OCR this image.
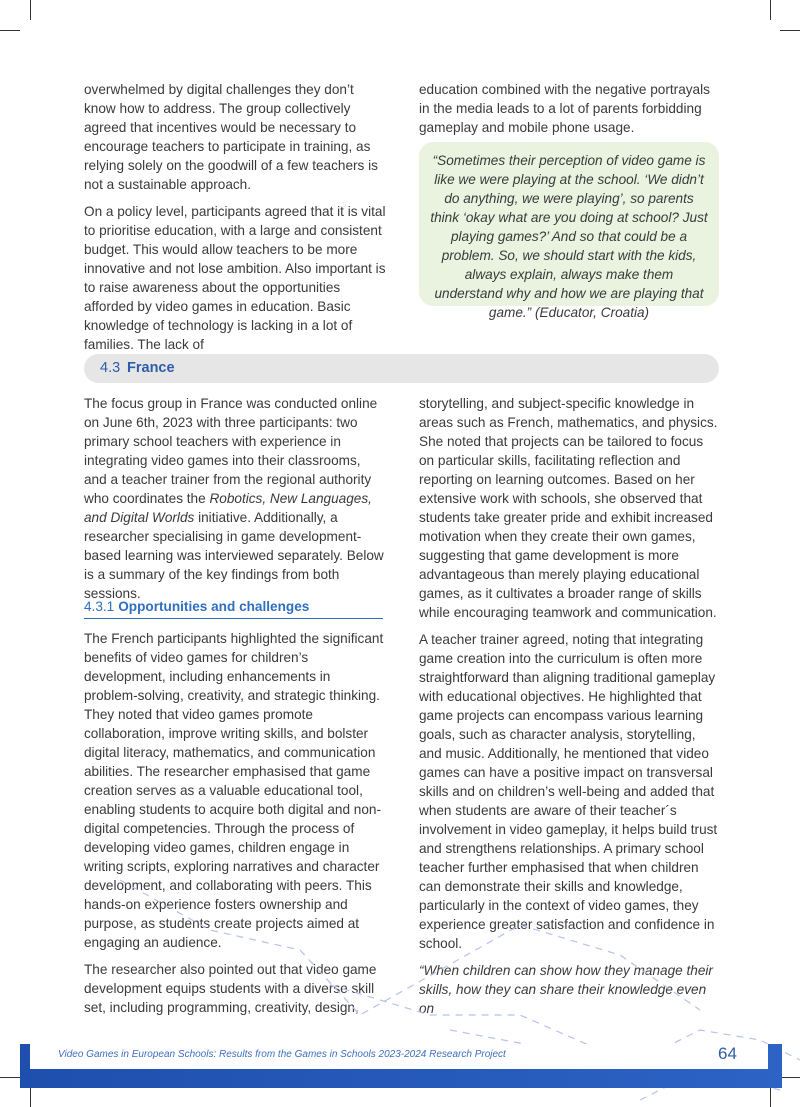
overwhelmed by digital challenges they don’t know how to address. The group collectively agreed that incentives would be necessary to encourage teachers to participate in training, as relying solely on the goodwill of a few teachers is not a sustainable approach.

On a policy level, participants agreed that it is vital to prioritise education, with a large and consistent budget. This would allow teachers to be more innovative and not lose ambition. Also important is to raise awareness about the opportunities afforded by video games in education. Basic knowledge of technology is lacking in a lot of families. The lack of

education combined with the negative portrayals in the media leads to a lot of parents forbidding gameplay and mobile phone usage.

“Sometimes their perception of video game is like we were playing at the school. ‘We didn’t do anything, we were playing’, so parents think ‘okay what are you doing at school? Just playing games?’ And so that could be a problem. So, we should start with the kids, always explain, always make them understand why and how we are playing that game.” (Educator, Croatia)

4.3 France

The focus group in France was conducted online on June 6th, 2023 with three participants: two primary school teachers with experience in integrating video games into their classrooms, and a teacher trainer from the regional authority who coordinates the Robotics, New Languages, and Digital Worlds initiative. Additionally, a researcher specialising in game development-based learning was interviewed separately. Below is a summary of the key findings from both sessions.

4.3.1 Opportunities and challenges

The French participants highlighted the significant benefits of video games for children’s development, including enhancements in problem-solving, creativity, and strategic thinking. They noted that video games promote collaboration, improve writing skills, and bolster digital literacy, mathematics, and communication abilities. The researcher emphasised that game creation serves as a valuable educational tool, enabling students to acquire both digital and non-digital competencies. Through the process of developing video games, children engage in writing scripts, exploring narratives and character development, and collaborating with peers. This hands-on experience fosters ownership and purpose, as students create projects aimed at engaging an audience.

The researcher also pointed out that video game development equips students with a diverse skill set, including programming, creativity, design,

storytelling, and subject-specific knowledge in areas such as French, mathematics, and physics. She noted that projects can be tailored to focus on particular skills, facilitating reflection and reporting on learning outcomes. Based on her extensive work with schools, she observed that students take greater pride and exhibit increased motivation when they create their own games, suggesting that game development is more advantageous than merely playing educational games, as it cultivates a broader range of skills while encouraging teamwork and communication.

A teacher trainer agreed, noting that integrating game creation into the curriculum is often more straightforward than aligning traditional gameplay with educational objectives. He highlighted that game projects can encompass various learning goals, such as character analysis, storytelling, and music. Additionally, he mentioned that video games can have a positive impact on transversal skills and on children’s well-being and added that when students are aware of their teacher´s involvement in video gameplay, it helps build trust and strengthens relationships. A primary school teacher further emphasised that when children can demonstrate their skills and knowledge, particularly in the context of video games, they experience greater satisfaction and confidence in school.

“When children can show how they manage their skills, how they can share their knowledge even on

Video Games in European Schools: Results from the Games in Schools 2023-2024 Research Project	64
